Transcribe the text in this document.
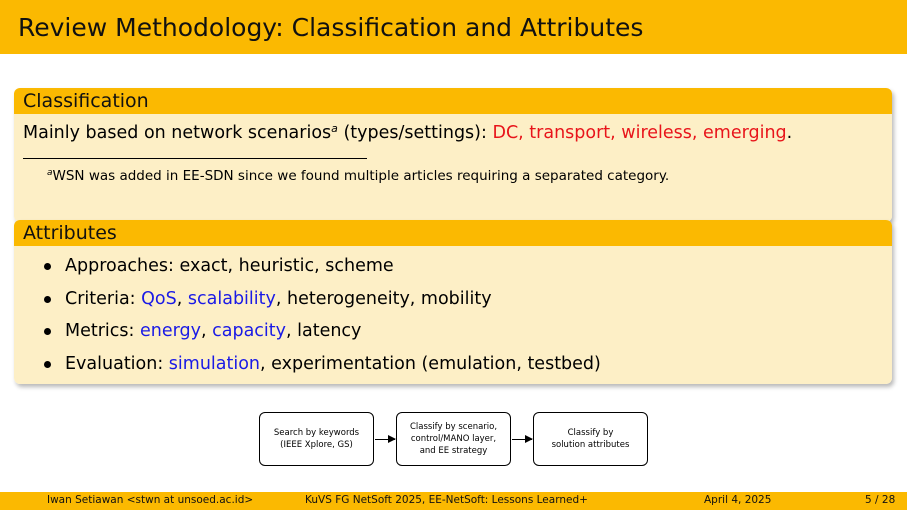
Review Methodology: Classification and Attributes
Classification
Mainly based on network scenarios$^a$ (types/settings): DC, transport, wireless, emerging.
$^a$WSN was added in EE-SDN since we found multiple articles requiring a separated category.
Attributes
Approaches: exact, heuristic, scheme
Criteria: QoS, scalability, heterogeneity, mobility
Metrics: energy, capacity, latency
Evaluation: simulation, experimentation (emulation, testbed)
Search by keywords
(IEEE Xplore, GS)
Classify by scenario,
control/MANO layer,
and EE strategy
Classify by
solution attributes
Iwan Setiawan <stwn at unsoed.ac.id>	KuVS FG NetSoft 2025, EE-NetSoft: Lessons Learned+	April 4, 2025	5 / 28
